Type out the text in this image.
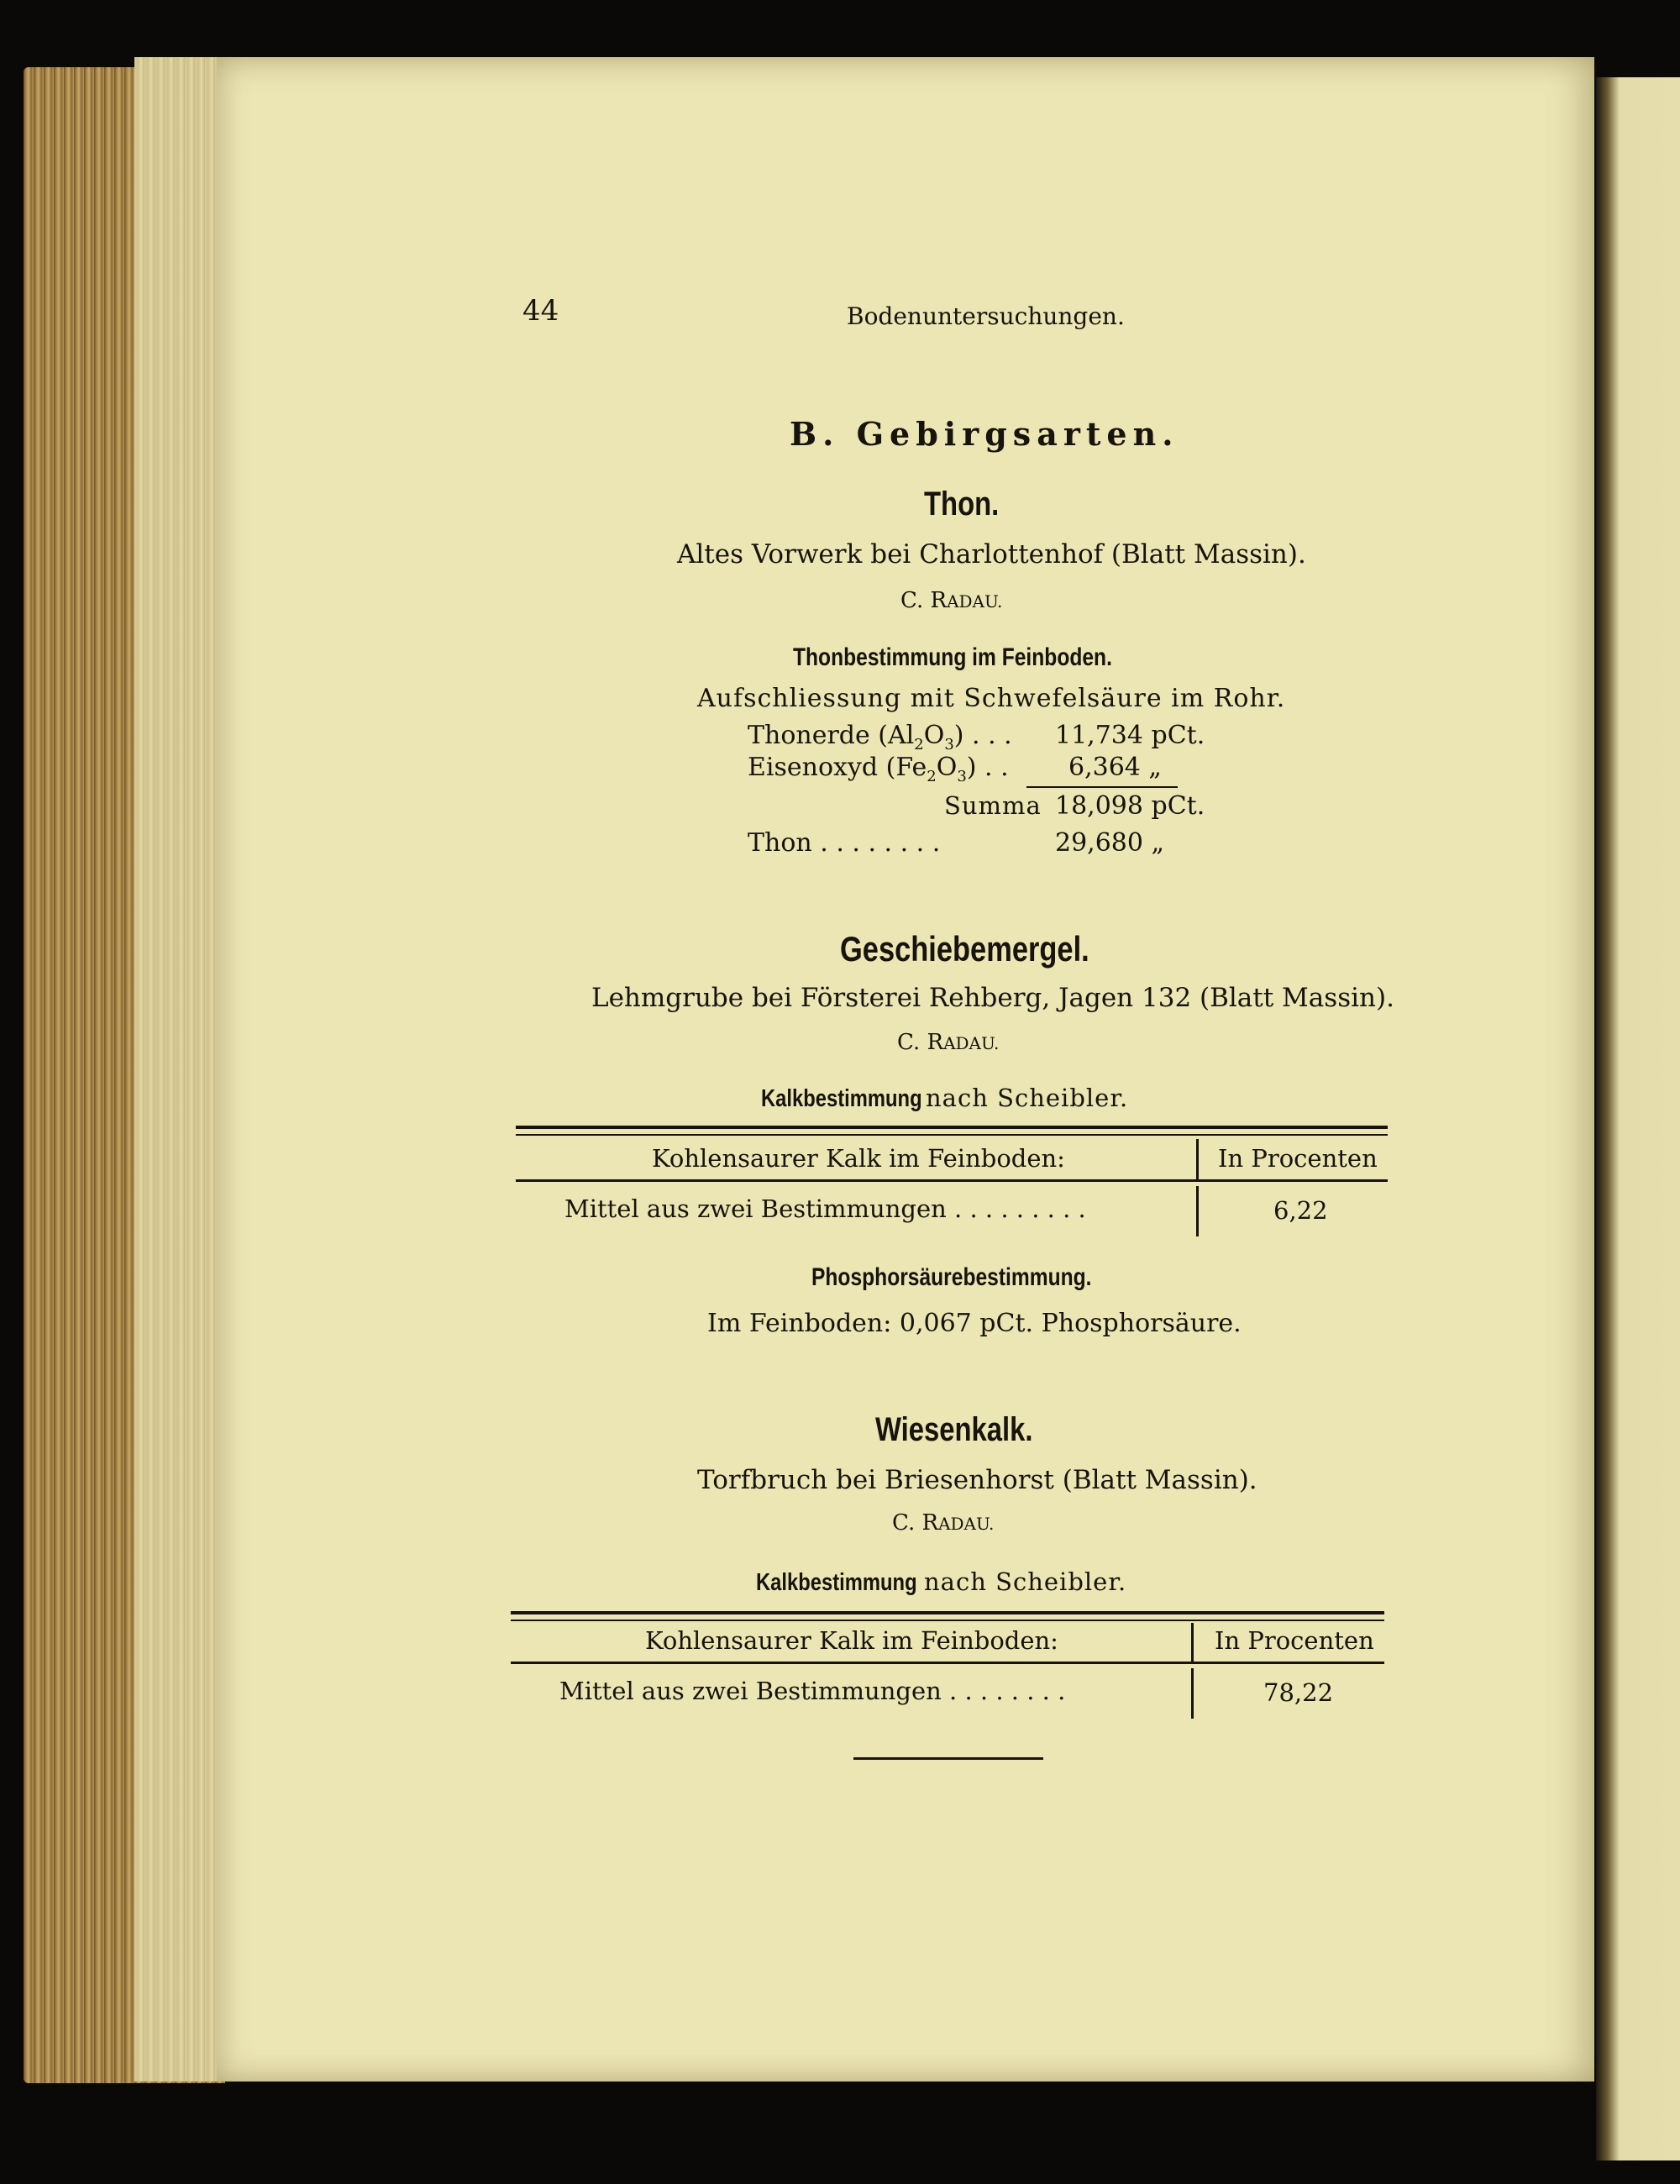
44	Bodenuntersuchungen.
B. Gebirgsarten.
Thon.
Altes Vorwerk bei Charlottenhof (Blatt Massin).
C. RADAU.
Thonbestimmung im Feinboden.
Aufschliessung mit Schwefelsäure im Rohr.
Thonerde $(Al_2O_3)$ . . . 11,734 pCt.
Eisenoxyd $(Fe_2O_3)$ . . 6,364 „
Summa 18,098 pCt.
Thon . . . . . . . .	29,680 „
Geschiebemergel.
Lehmgrube bei Försterei Rehberg, Jagen 132 (Blatt Massin).
C. RADAU.
Kalkbestimmung nach Scheibler.
Kohlensaurer Kalk im Feinboden:	In Procenten
Mittel aus zwei Bestimmungen . . . . . . . . .	6,22
Phosphorsäurebestimmung.
Im Feinboden: 0,067 pCt. Phosphorsäure.
Wiesenkalk.
Torfbruch bei Briesenhorst (Blatt Massin).
C. RADAU.
Kalkbestimmung nach Scheibler.
Kohlensaurer Kalk im Feinboden:	In Procenten
Mittel aus zwei Bestimmungen . . . . . . . .	78,22
